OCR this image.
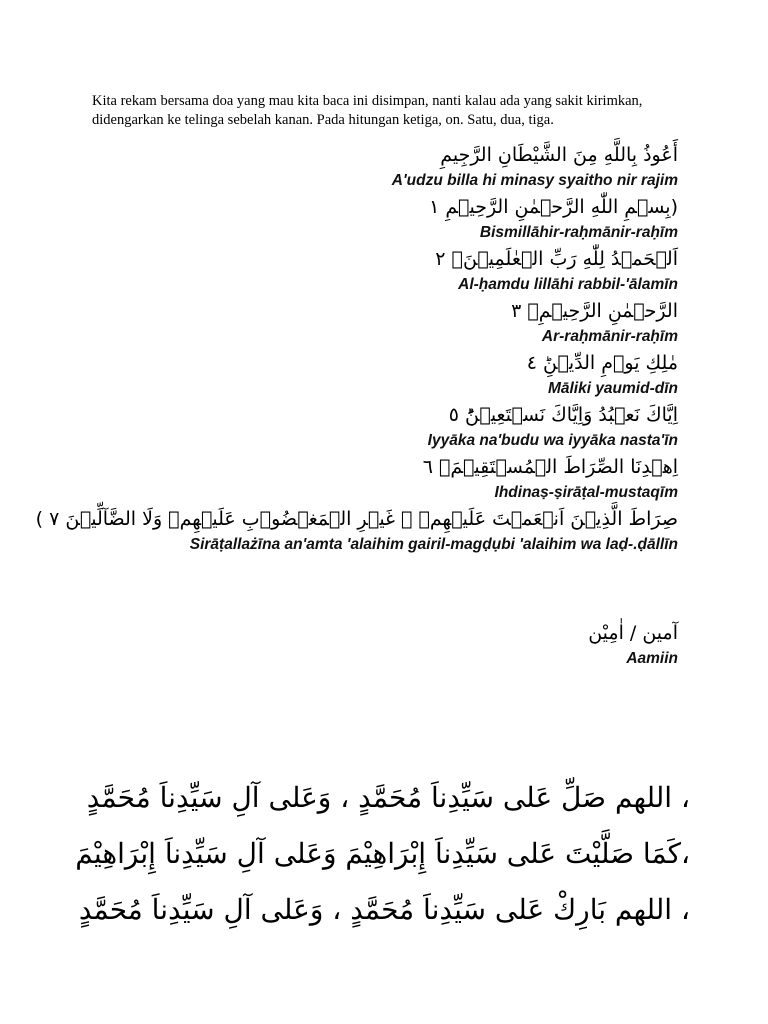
Kita rekam bersama doa yang mau kita baca ini disimpan, nanti kalau ada yang sakit kirimkan, didengarkan ke telinga sebelah kanan. Pada hitungan ketiga, on. Satu, dua, tiga.

أَعُوذُ بِاللَّهِ مِنَ الشَّيْطَانِ الرَّجِيمِ

A'udzu billa hi minasy syaitho nir rajim

(بِسۡمِ اللّٰهِ الرَّحۡمٰنِ الرَّحِيۡمِ ١

Bismillāhir-raḥmānir-raḥīm

اَلۡحَمۡدُ لِلّٰهِ رَبِّ الۡعٰلَمِيۡنَۙ ٢

Al-ḥamdu lillāhi rabbil-'ālamīn

الرَّحۡمٰنِ الرَّحِيۡمِۙ ٣

Ar-raḥmānir-raḥīm

مٰلِكِ يَوۡمِ الدِّيۡنِؕ ٤

Māliki yaumid-dīn

اِيَّاكَ نَعۡبُدُ وَاِيَّاكَ نَسۡتَعِيۡنُؕ ٥

Iyyāka na'budu wa iyyāka nasta'īn

اِهۡدِنَا الصِّرَاطَ الۡمُسۡتَقِيۡمَۙ ٦

Ihdinaṣ-ṣirāṭal-mustaqīm

صِرَاطَ الَّذِيۡنَ اَنۡعَمۡتَ عَلَيۡهِمۡ ۙ غَيۡرِ الۡمَغۡضُوۡبِ عَلَيۡهِمۡ وَلَا الضَّآلِّيۡنَ ٧ )

Sirāṭallażīna an'amta 'alaihim gairil-magḍụbi 'alaihim wa laḍ-.ḍāllīn

آمين / اٰمِيْن

Aamiin

، اللهم صَلِّ عَلى سَيِّدِناَ مُحَمَّدٍ ، وَعَلى آلِ سَيِّدِناَ مُحَمَّدٍ

،كَمَا صَلَّيْتَ عَلى سَيِّدِناَ إِبْرَاهِيْمَ وَعَلى آلِ سَيِّدِناَ إِبْرَاهِيْمَ

، اللهم بَارِكْ عَلى سَيِّدِناَ مُحَمَّدٍ ، وَعَلى آلِ سَيِّدِناَ مُحَمَّدٍ
